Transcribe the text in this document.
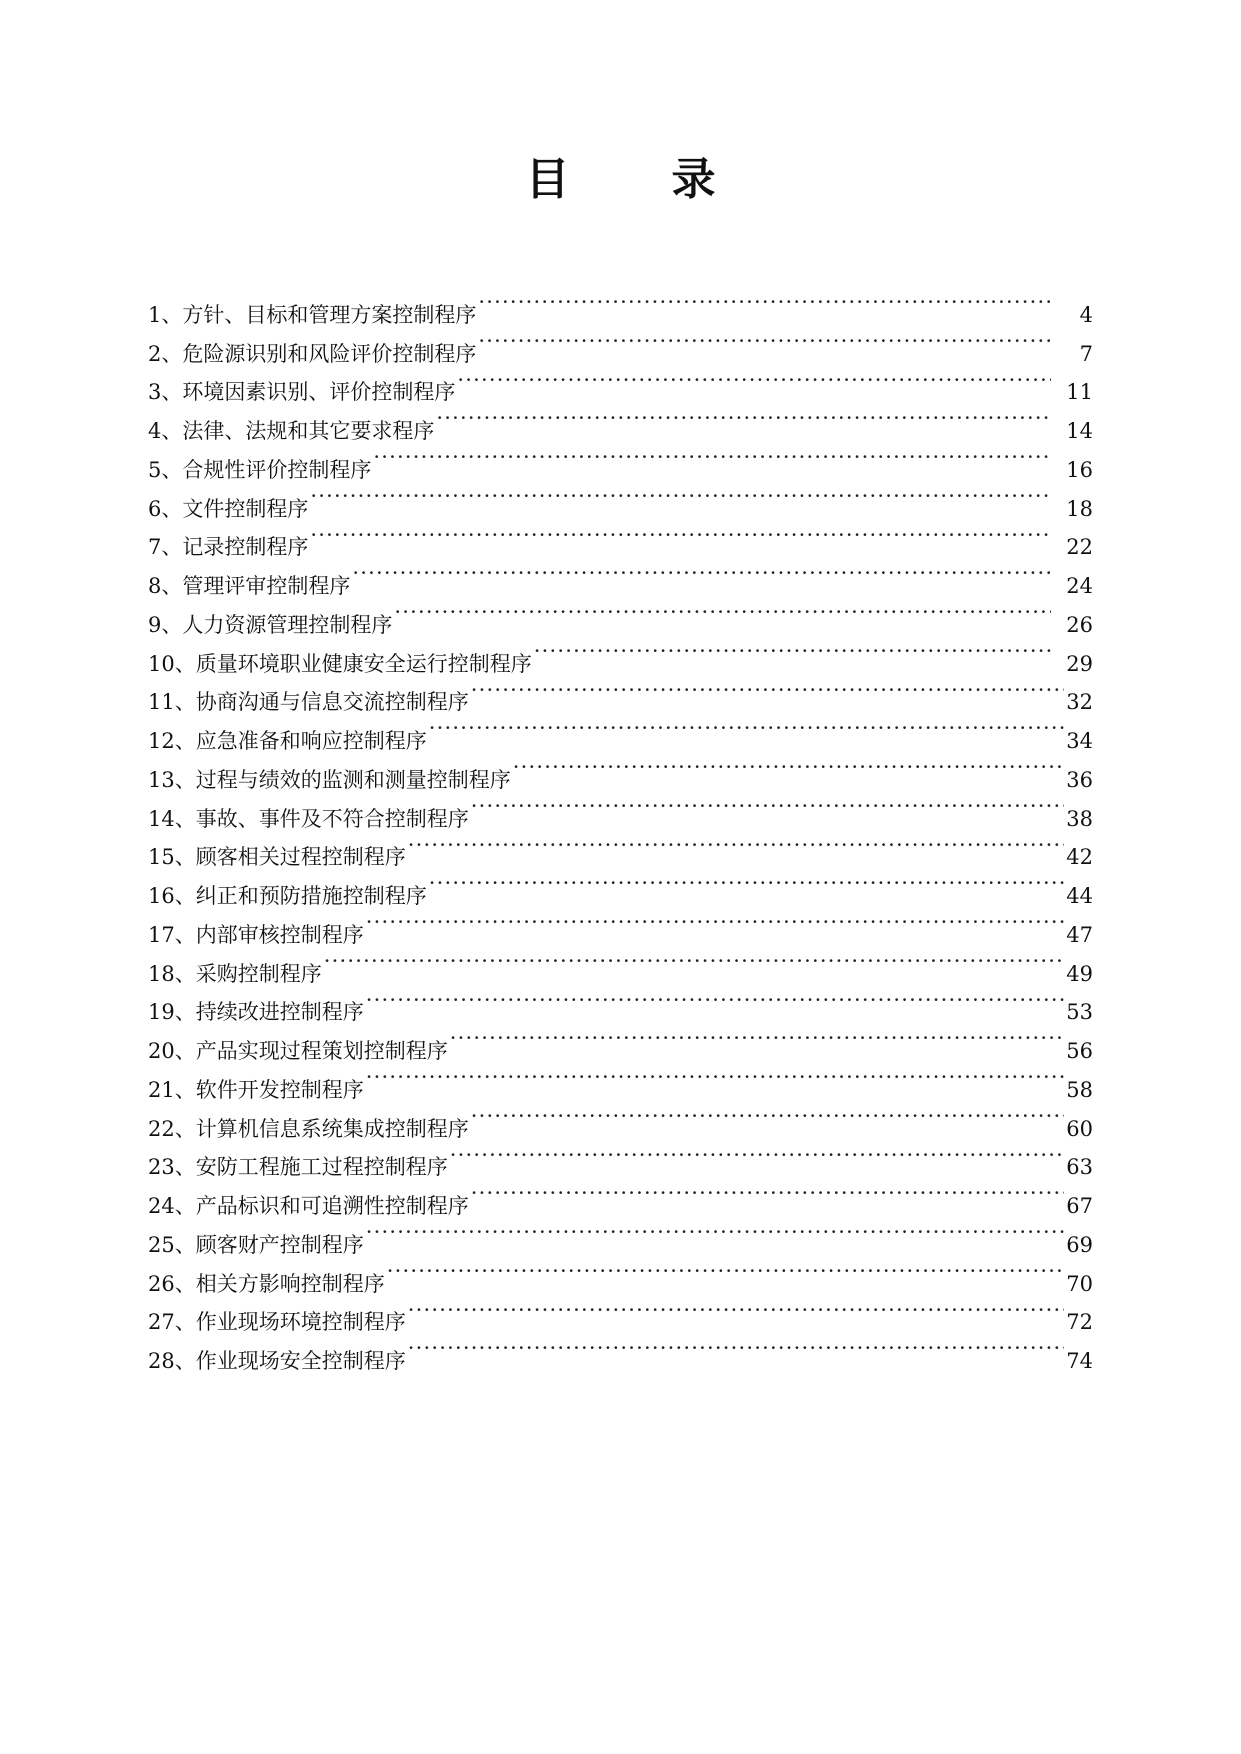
目 录
1、方针、目标和管理方案控制程序 ·····	4
2、危险源识别和风险评价控制程序 ·····	7
3、环境因素识别、评价控制程序 ·····	11
4、法律、法规和其它要求程序 ·····	14
5、合规性评价控制程序 ·····	16
6、文件控制程序 ·····	18
7、记录控制程序 ·····	22
8、管理评审控制程序 ·····	24
9、人力资源管理控制程序 ·····	26
10、质量环境职业健康安全运行控制程序 ·····	29
11、协商沟通与信息交流控制程序 ·····	32
12、应急准备和响应控制程序 ·····	34
13、过程与绩效的监测和测量控制程序 ·····	36
14、事故、事件及不符合控制程序 ·····	38
15、顾客相关过程控制程序 ·····	42
16、纠正和预防措施控制程序 ·····	44
17、内部审核控制程序 ·····	47
18、采购控制程序 ·····	49
19、持续改进控制程序 ·····	53
20、产品实现过程策划控制程序 ·····	56
21、软件开发控制程序 ·····	58
22、计算机信息系统集成控制程序 ·····	60
23、安防工程施工过程控制程序 ·····	63
24、产品标识和可追溯性控制程序 ·····	67
25、顾客财产控制程序 ·····	69
26、相关方影响控制程序 ·····	70
27、作业现场环境控制程序 ·····	72
28、作业现场安全控制程序 ·····	74
